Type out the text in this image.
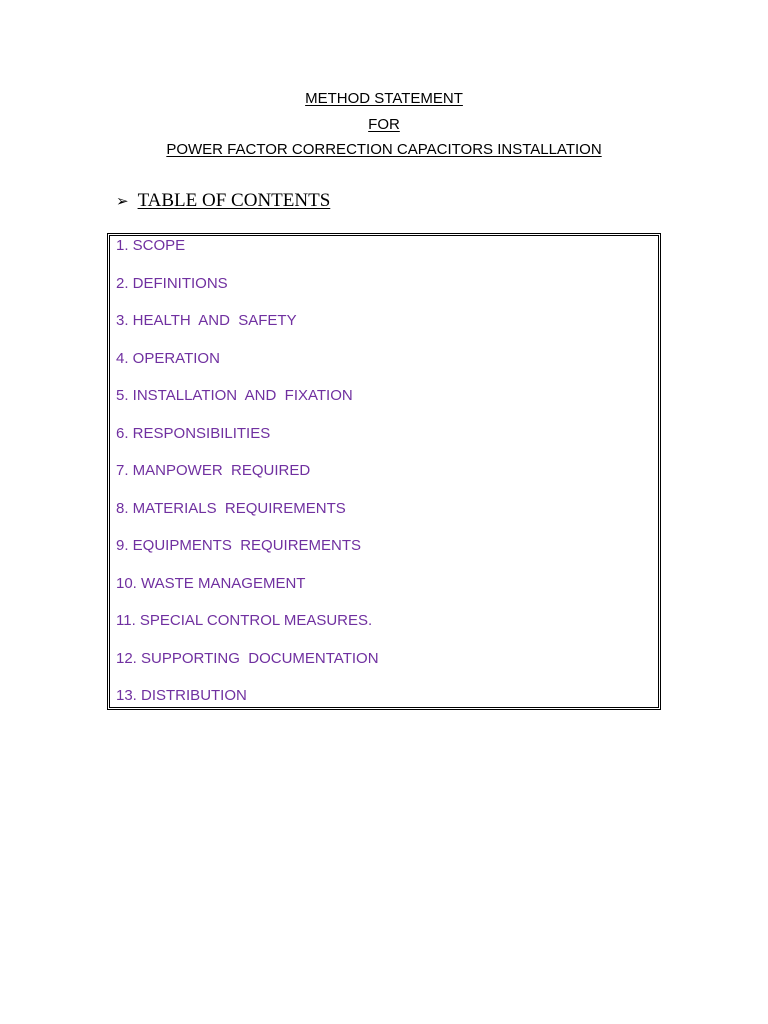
METHOD STATEMENT
FOR
POWER FACTOR CORRECTION CAPACITORS INSTALLATION
➢ TABLE OF CONTENTS
1. SCOPE
2. DEFINITIONS
3. HEALTH  AND  SAFETY
4. OPERATION
5. INSTALLATION  AND  FIXATION
6. RESPONSIBILITIES
7. MANPOWER  REQUIRED
8. MATERIALS  REQUIREMENTS
9. EQUIPMENTS  REQUIREMENTS
10. WASTE MANAGEMENT
11. SPECIAL CONTROL MEASURES.
12. SUPPORTING  DOCUMENTATION
13. DISTRIBUTION
